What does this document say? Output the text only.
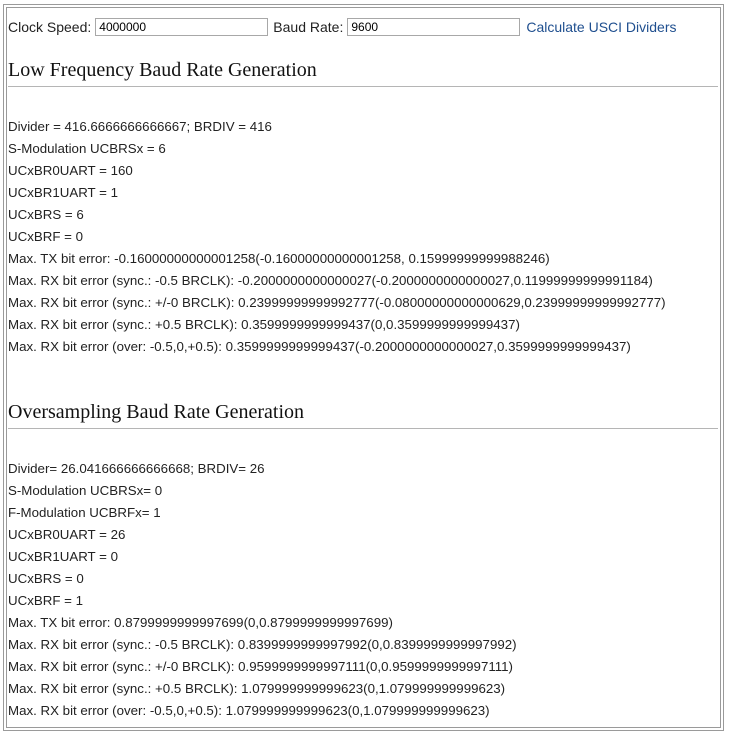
Clock Speed:
4000000	Baud Rate:
9600	Calculate USCI Dividers
Low Frequency Baud Rate Generation
Divider = 416.6666666666667; BRDIV = 416
S-Modulation UCBRSx = 6
UCxBR0UART = 160
UCxBR1UART = 1
UCxBRS = 6
UCxBRF = 0
Max. TX bit error: -0.16000000000001258(-0.16000000000001258, 0.15999999999988246)
Max. RX bit error (sync.: -0.5 BRCLK): -0.2000000000000027(-0.2000000000000027,0.11999999999991184)
Max. RX bit error (sync.: +/-0 BRCLK): 0.23999999999992777(-0.08000000000000629,0.23999999999992777)
Max. RX bit error (sync.: +0.5 BRCLK): 0.3599999999999437(0,0.3599999999999437)
Max. RX bit error (over: -0.5,0,+0.5): 0.3599999999999437(-0.2000000000000027,0.3599999999999437)
Oversampling Baud Rate Generation
Divider= 26.041666666666668; BRDIV= 26
S-Modulation UCBRSx= 0
F-Modulation UCBRFx= 1
UCxBR0UART = 26
UCxBR1UART = 0
UCxBRS = 0
UCxBRF = 1
Max. TX bit error: 0.8799999999997699(0,0.8799999999997699)
Max. RX bit error (sync.: -0.5 BRCLK): 0.8399999999997992(0,0.8399999999997992)
Max. RX bit error (sync.: +/-0 BRCLK): 0.9599999999997111(0,0.9599999999997111)
Max. RX bit error (sync.: +0.5 BRCLK): 1.079999999999623(0,1.079999999999623)
Max. RX bit error (over: -0.5,0,+0.5): 1.079999999999623(0,1.079999999999623)
